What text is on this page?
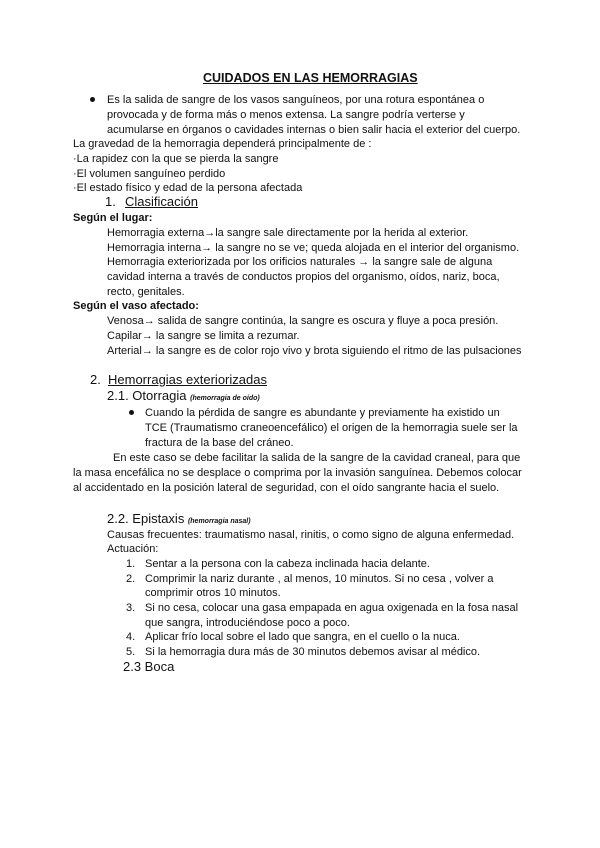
CUIDADOS EN LAS HEMORRAGIAS
Es la salida de sangre de los vasos sanguíneos, por una rotura espontánea o
provocada y de forma más o menos extensa. La sangre podría verterse y
acumularse en órganos o cavidades internas o bien salir hacia el exterior del cuerpo.
La gravedad de la hemorragia dependerá principalmente de :
·La rapidez con la que se pierda la sangre
·El volumen sanguíneo perdido
·El estado físico y edad de la persona afectada
1. Clasificación
Según el lugar:
Hemorragia externa→la sangre sale directamente por la herida al exterior.
Hemorragia interna→ la sangre no se ve; queda alojada en el interior del organismo.
Hemorragia exteriorizada por los orificios naturales → la sangre sale de alguna
cavidad interna a través de conductos propios del organismo, oídos, nariz, boca,
recto, genitales.
Según el vaso afectado:
Venosa→ salida de sangre continúa, la sangre es oscura y fluye a poca presión.
Capilar→ la sangre se limita a rezumar.
Arterial→ la sangre es de color rojo vivo y brota siguiendo el ritmo de las pulsaciones
2. Hemorragias exteriorizadas
2.1. Otorragia (hemorragia de oído)
Cuando la pérdida de sangre es abundante y previamente ha existido un
TCE (Traumatismo craneoencefálico) el origen de la hemorragia suele ser la
fractura de la base del cráneo.
En este caso se debe facilitar la salida de la sangre de la cavidad craneal, para que
la masa encefálica no se desplace o comprima por la invasión sanguínea. Debemos colocar
al accidentado en la posición lateral de seguridad, con el oído sangrante hacia el suelo.
2.2. Epistaxis (hemorragia nasal)
Causas frecuentes: traumatismo nasal, rinitis, o como signo de alguna enfermedad.
Actuación:
1. Sentar a la persona con la cabeza inclinada hacia delante.
2. Comprimir la nariz durante , al menos, 10 minutos. Si no cesa , volver a
comprimir otros 10 minutos.
3. Si no cesa, colocar una gasa empapada en agua oxigenada en la fosa nasal
que sangra, introduciéndose poco a poco.
4. Aplicar frío local sobre el lado que sangra, en el cuello o la nuca.
5. Si la hemorragia dura más de 30 minutos debemos avisar al médico.
2.3 Boca
